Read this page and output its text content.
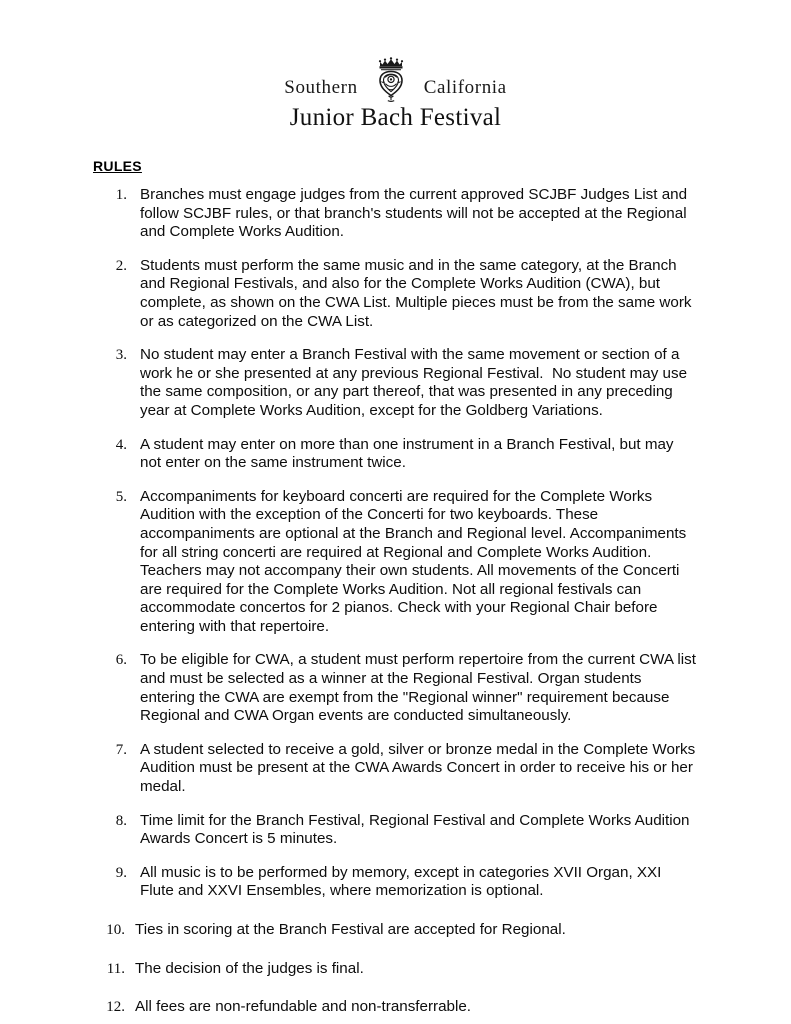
Southern	California
Junior Bach Festival
RULES
1. Branches must engage judges from the current approved SCJBF Judges List and follow SCJBF rules, or that branch's students will not be accepted at the Regional and Complete Works Audition.
2. Students must perform the same music and in the same category, at the Branch and Regional Festivals, and also for the Complete Works Audition (CWA), but complete, as shown on the CWA List. Multiple pieces must be from the same work or as categorized on the CWA List.
3. No student may enter a Branch Festival with the same movement or section of a work he or she presented at any previous Regional Festival.  No student may use the same composition, or any part thereof, that was presented in any preceding year at Complete Works Audition, except for the Goldberg Variations.
4. A student may enter on more than one instrument in a Branch Festival, but may not enter on the same instrument twice.
5. Accompaniments for keyboard concerti are required for the Complete Works Audition with the exception of the Concerti for two keyboards. These accompaniments are optional at the Branch and Regional level. Accompaniments for all string concerti are required at Regional and Complete Works Audition. Teachers may not accompany their own students. All movements of the Concerti are required for the Complete Works Audition. Not all regional festivals can accommodate concertos for 2 pianos. Check with your Regional Chair before entering with that repertoire.
6. To be eligible for CWA, a student must perform repertoire from the current CWA list and must be selected as a winner at the Regional Festival. Organ students entering the CWA are exempt from the "Regional winner" requirement because Regional and CWA Organ events are conducted simultaneously.
7. A student selected to receive a gold, silver or bronze medal in the Complete Works Audition must be present at the CWA Awards Concert in order to receive his or her medal.
8. Time limit for the Branch Festival, Regional Festival and Complete Works Audition Awards Concert is 5 minutes.
9. All music is to be performed by memory, except in categories XVII Organ, XXI Flute and XXVI Ensembles, where memorization is optional.
10. Ties in scoring at the Branch Festival are accepted for Regional.
11. The decision of the judges is final.
12. All fees are non-refundable and non-transferrable.
